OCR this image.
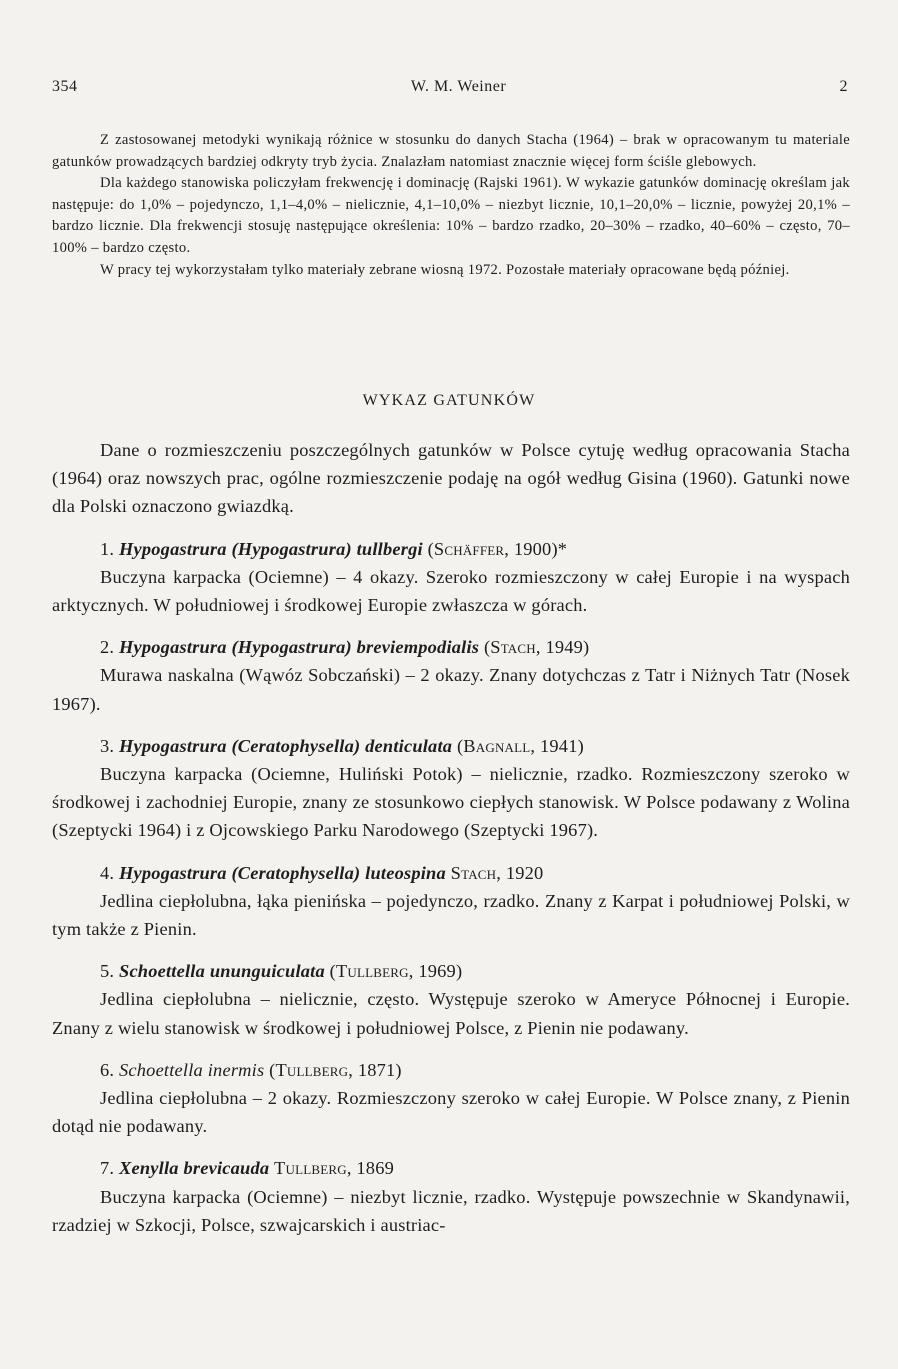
354	W. M. Weiner	2

Z zastosowanej metodyki wynikają różnice w stosunku do danych Stacha (1964) – brak w opracowanym tu materiale gatunków prowadzących bardziej odkryty tryb życia. Znalazłam natomiast znacznie więcej form ściśle glebowych.

Dla każdego stanowiska policzyłam frekwencję i dominację (Rajski 1961). W wykazie gatunków dominację określam jak następuje: do 1,0% – pojedynczo, 1,1–4,0% – nielicznie, 4,1–10,0% – niezbyt licznie, 10,1–20,0% – licznie, powyżej 20,1% – bardzo licznie. Dla frekwencji stosuję następujące określenia: 10% – bardzo rzadko, 20–30% – rzadko, 40–60% – często, 70–100% – bardzo często.

W pracy tej wykorzystałam tylko materiały zebrane wiosną 1972. Pozostałe materiały opracowane będą później.

WYKAZ GATUNKÓW

Dane o rozmieszczeniu poszczególnych gatunków w Polsce cytuję według opracowania Stacha (1964) oraz nowszych prac, ogólne rozmieszczenie podaję na ogół według Gisina (1960). Gatunki nowe dla Polski oznaczono gwiazdką.

1. Hypogastrura (Hypogastrura) tullbergi (Schäffer, 1900)*

Buczyna karpacka (Ociemne) – 4 okazy. Szeroko rozmieszczony w całej Europie i na wyspach arktycznych. W południowej i środkowej Europie zwłaszcza w górach.

2. Hypogastrura (Hypogastrura) breviempodialis (Stach, 1949)

Murawa naskalna (Wąwóz Sobczański) – 2 okazy. Znany dotychczas z Tatr i Niżnych Tatr (Nosek 1967).

3. Hypogastrura (Ceratophysella) denticulata (Bagnall, 1941)

Buczyna karpacka (Ociemne, Huliński Potok) – nielicznie, rzadko. Rozmieszczony szeroko w środkowej i zachodniej Europie, znany ze stosunkowo ciepłych stanowisk. W Polsce podawany z Wolina (Szeptycki 1964) i z Ojcowskiego Parku Narodowego (Szeptycki 1967).

4. Hypogastrura (Ceratophysella) luteospina Stach, 1920

Jedlina ciepłolubna, łąka pienińska – pojedynczo, rzadko. Znany z Karpat i południowej Polski, w tym także z Pienin.

5. Schoettella ununguiculata (Tullberg, 1969)

Jedlina ciepłolubna – nielicznie, często. Występuje szeroko w Ameryce Północnej i Europie. Znany z wielu stanowisk w środkowej i południowej Polsce, z Pienin nie podawany.

6. Schoettella inermis (Tullberg, 1871)

Jedlina ciepłolubna – 2 okazy. Rozmieszczony szeroko w całej Europie. W Polsce znany, z Pienin dotąd nie podawany.

7. Xenylla brevicauda Tullberg, 1869

Buczyna karpacka (Ociemne) – niezbyt licznie, rzadko. Występuje powszechnie w Skandynawii, rzadziej w Szkocji, Polsce, szwajcarskich i austriac-
